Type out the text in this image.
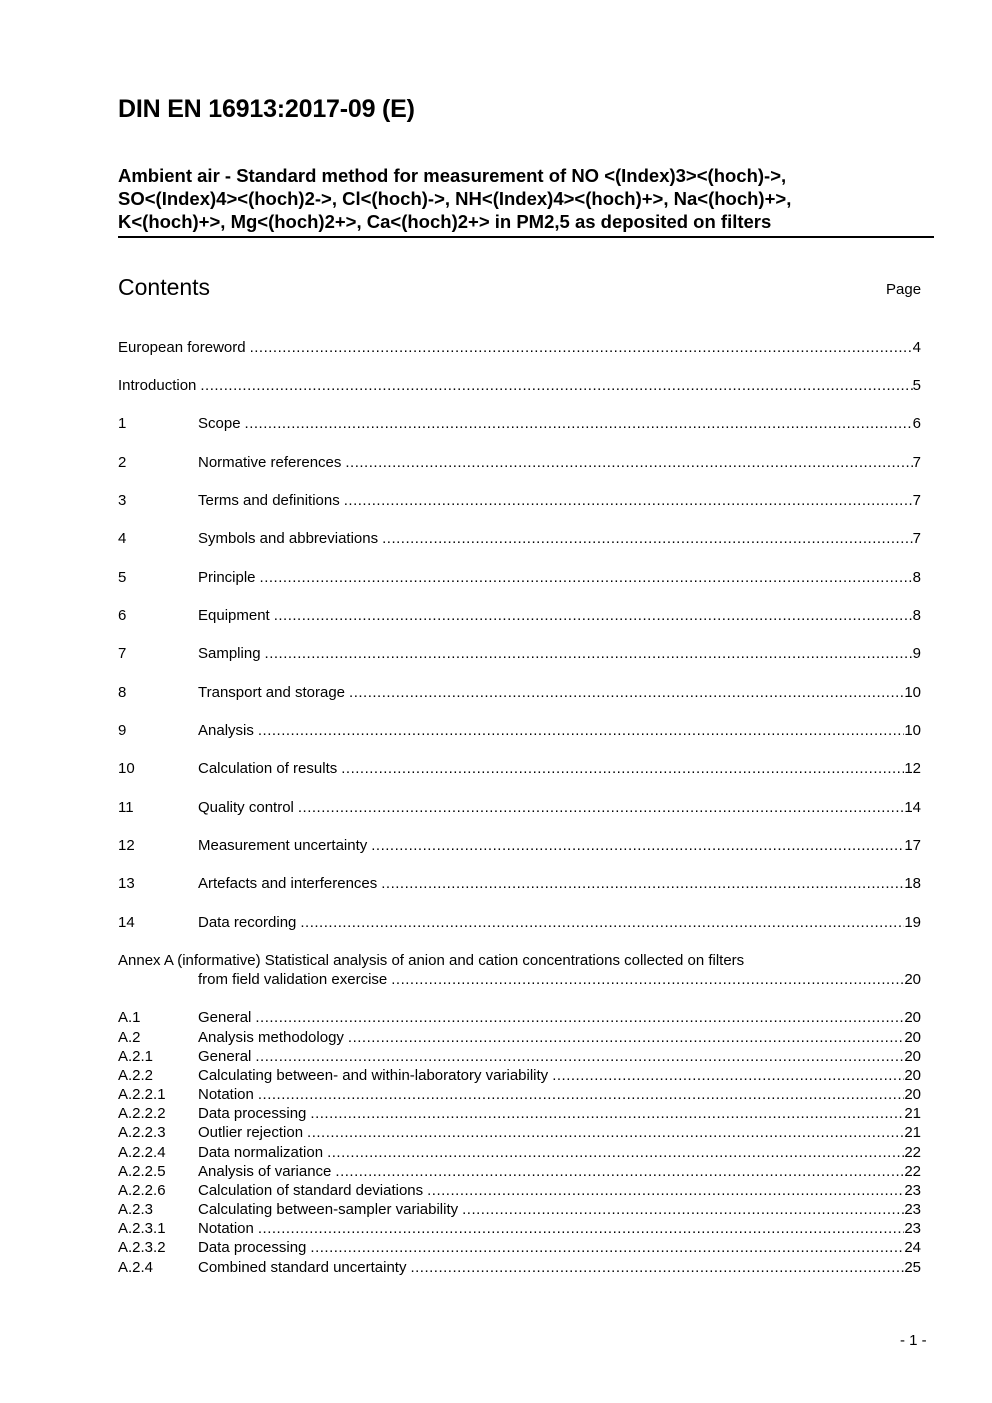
DIN EN 16913:2017-09 (E)
Ambient air - Standard method for measurement of NO <(Index)3><(hoch)->,
SO<(Index)4><(hoch)2->, Cl<(hoch)->, NH<(Index)4><(hoch)+>, Na<(hoch)+>,
K<(hoch)+>, Mg<(hoch)2+>, Ca<(hoch)2+> in PM2,5 as deposited on filters
Contents	Page
European foreword .....	4
Introduction .....	5
1	Scope .....	6
2	Normative references .....	7
3	Terms and definitions .....	7
4	Symbols and abbreviations .....	7
5	Principle .....	8
6	Equipment .....	8
7	Sampling .....	9
8	Transport and storage .....	10
9	Analysis .....	10
10	Calculation of results .....	12
11	Quality control .....	14
12	Measurement uncertainty .....	17
13	Artefacts and interferences .....	18
14	Data recording .....	19
Annex A (informative) Statistical analysis of anion and cation concentrations collected on filters
from field validation exercise .....	20
A.1	General .....	20
A.2	Analysis methodology .....	20
A.2.1	General .....	20
A.2.2	Calculating between- and within-laboratory variability .....	20
A.2.2.1	Notation .....	20
A.2.2.2	Data processing .....	21
A.2.2.3	Outlier rejection .....	21
A.2.2.4	Data normalization .....	22
A.2.2.5	Analysis of variance .....	22
A.2.2.6	Calculation of standard deviations .....	23
A.2.3	Calculating between-sampler variability .....	23
A.2.3.1	Notation .....	23
A.2.3.2	Data processing .....	24
A.2.4	Combined standard uncertainty .....	25
- 1 -
